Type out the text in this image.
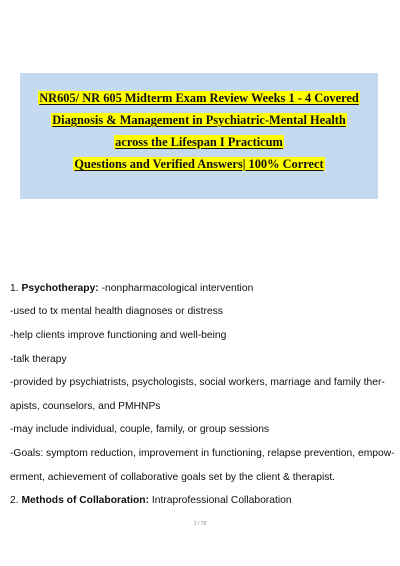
NR605/ NR 605 Midterm Exam Review Weeks 1 - 4 Covered
Diagnosis & Management in Psychiatric-Mental Health
across the Lifespan I Practicum
Questions and Verified Answers| 100% Correct
1. Psychotherapy: -nonpharmacological intervention
-used to tx mental health diagnoses or distress
-help clients improve functioning and well-being
-talk therapy
-provided by psychiatrists, psychologists, social workers, marriage and family ther-
apists, counselors, and PMHNPs
-may include individual, couple, family, or group sessions
-Goals: symptom reduction, improvement in functioning, relapse prevention, empow-
erment, achievement of collaborative goals set by the client & therapist.
2. Methods of Collaboration: Intraprofessional Collaboration
1 / 78
